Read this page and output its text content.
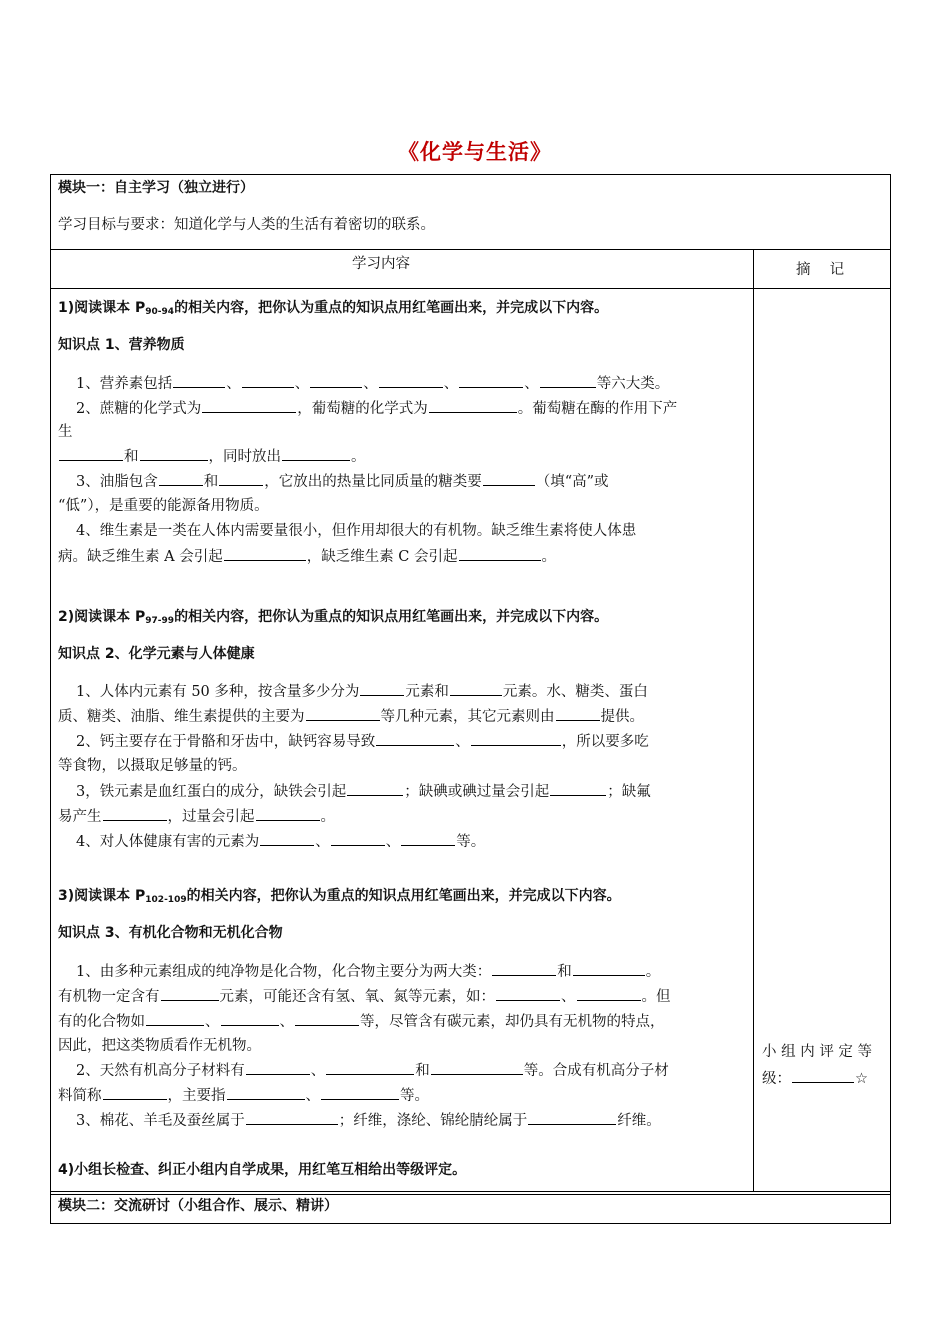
《化学与生活》
模块一：自主学习（独立进行）
学习目标与要求：知道化学与人类的生活有着密切的联系。
学习内容	摘　 记
1)阅读课本 $P_{90-94}$的相关内容，把你认为重点的知识点用红笔画出来，并完成以下内容。
知识点 1、营养物质
1、营养素包括	、	、	、	、	、	等六大类。
2、蔗糖的化学式为	，葡萄糖的化学式为	。葡萄糖在酶的作用下产
生
和	，同时放出	。
3、油脂包含	和	，它放出的热量比同质量的糖类要	（填“高”或
“低”），是重要的能源备用物质。
4、维生素是一类在人体内需要量很小，但作用却很大的有机物。缺乏维生素将使人体患
病。缺乏维生素 A 会引起	，缺乏维生素 C 会引起	。
2)阅读课本 $P_{97-99}$的相关内容，把你认为重点的知识点用红笔画出来，并完成以下内容。
知识点 2、化学元素与人体健康
1、人体内元素有 50 多种，按含量多少分为	元素和	元素。水、糖类、蛋白
质、糖类、油脂、维生素提供的主要为	等几种元素，其它元素则由	提供。
2、钙主要存在于骨骼和牙齿中，缺钙容易导致	、	，所以要多吃
等食物，以摄取足够量的钙。
3，铁元素是血红蛋白的成分，缺铁会引起	；缺碘或碘过量会引起	；缺氟
易产生	，过量会引起	。
4、对人体健康有害的元素为	、	、	等。
3)阅读课本 $P_{102-109}$的相关内容，把你认为重点的知识点用红笔画出来，并完成以下内容。
知识点 3、有机化合物和无机化合物
1、由多种元素组成的纯净物是化合物，化合物主要分为两大类：	和	。
有机物一定含有	元素，可能还含有氢、氧、氮等元素，如：	、	。但
有的化合物如	、	、	等，尽管含有碳元素，却仍具有无机物的特点，
因此，把这类物质看作无机物。
2、天然有机高分子材料有	、	和	等。合成有机高分子材
料简称	，主要指	、	等。
3、棉花、羊毛及蚕丝属于	；纤维，涤纶、锦纶腈纶属于	纤维。
4)小组长检查、纠正小组内自学成果，用红笔互相给出等级评定。
小 组 内 评 定 等
级：	☆
模块二：交流研讨（小组合作、展示、精讲）
